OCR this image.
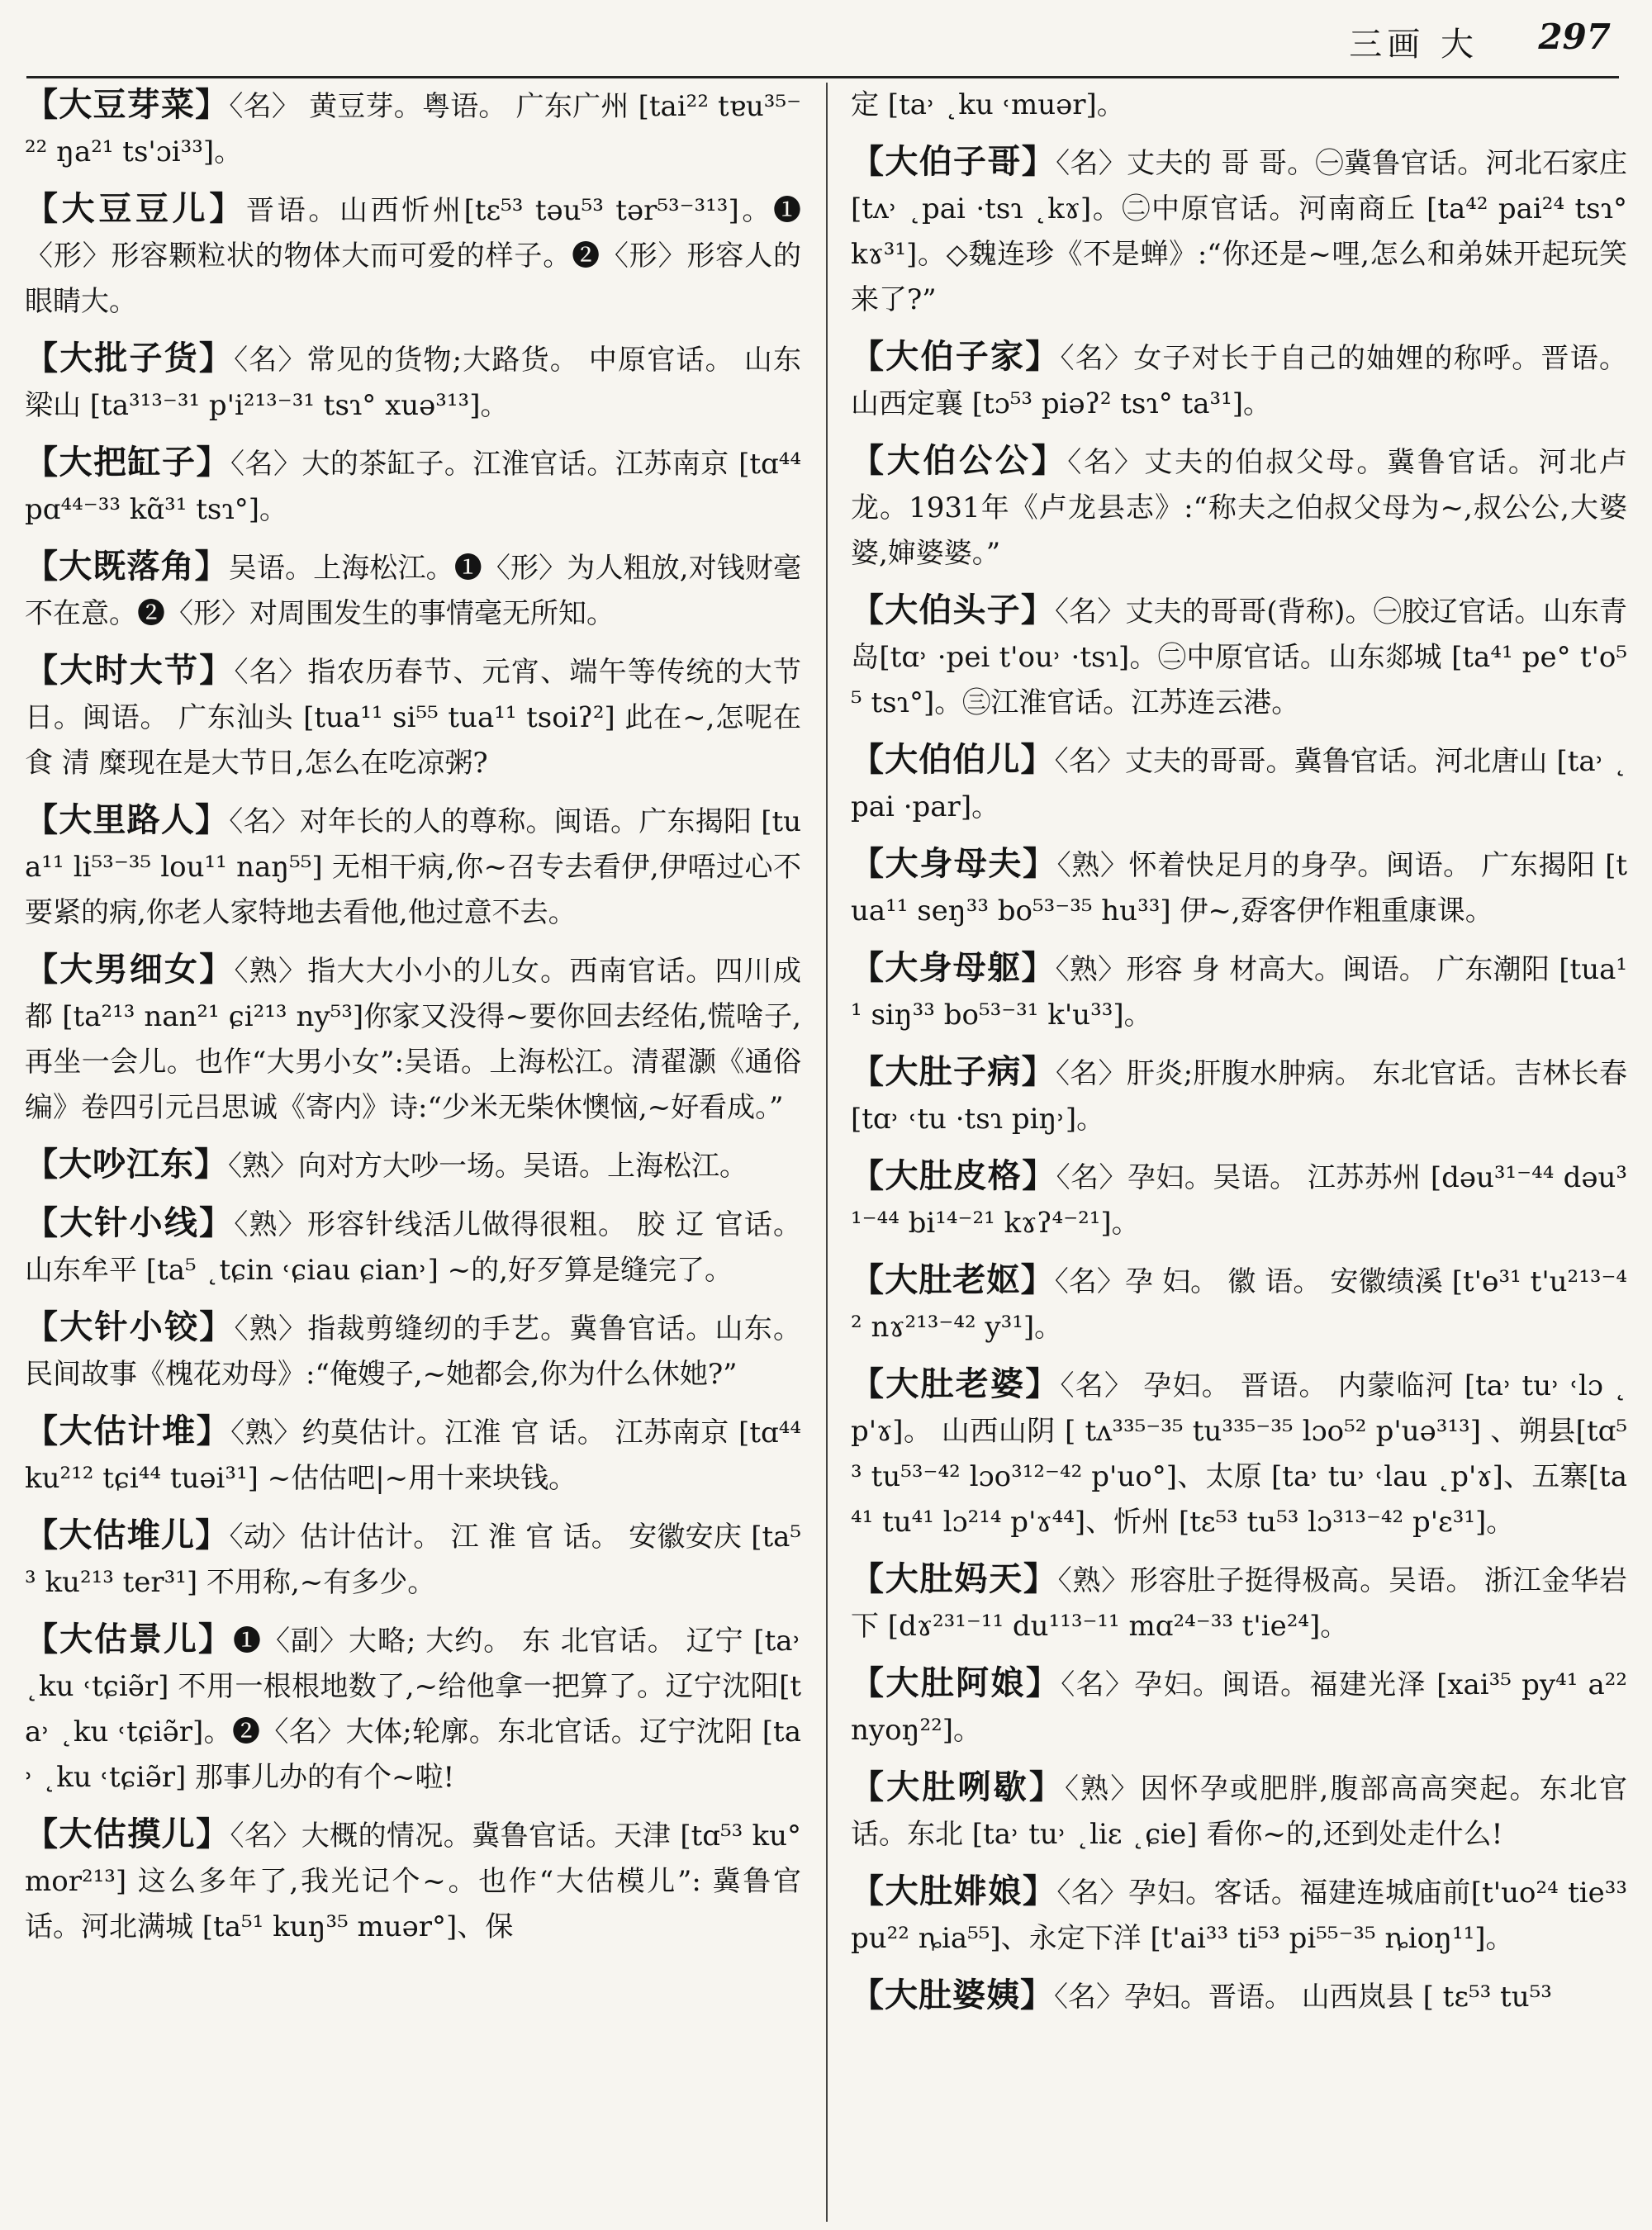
三画 大 297

【大豆芽菜】〈名〉 黄豆芽。粤语。 广东广州 [tai²² tɐu³⁵⁻²² ŋa²¹ ts'ɔi³³]。

【大豆豆儿】晋语。山西忻州[tɛ⁵³ təu⁵³ tər⁵³⁻³¹³]。❶〈形〉形容颗粒状的物体大而可爱的样子。❷〈形〉形容人的眼睛大。

【大批子货】〈名〉常见的货物;大路货。 中原官话。 山东梁山 [ta³¹³⁻³¹ p'i²¹³⁻³¹ tsɿ° xuə³¹³]。

【大把缸子】〈名〉大的茶缸子。江淮官话。江苏南京 [tɑ⁴⁴ pɑ⁴⁴⁻³³ kɑ̃³¹ tsɿ°]。

【大既落角】吴语。上海松江。❶〈形〉为人粗放,对钱财毫不在意。❷〈形〉对周围发生的事情毫无所知。

【大时大节】〈名〉指农历春节、元宵、端午等传统的大节日。闽语。 广东汕头 [tua¹¹ si⁵⁵ tua¹¹ tsoiʔ²] 此在~,怎呢在 食 清 糜现在是大节日,怎么在吃凉粥?

【大里路人】〈名〉对年长的人的尊称。闽语。广东揭阳 [tua¹¹ li⁵³⁻³⁵ lou¹¹ naŋ⁵⁵] 无相干病,你~召专去看伊,伊唔过心不要紧的病,你老人家特地去看他,他过意不去。

【大男细女】〈熟〉指大大小小的儿女。西南官话。四川成都 [ta²¹³ nan²¹ ɕi²¹³ ny⁵³]你家又没得~要你回去经佑,慌啥子,再坐一会儿。也作“大男小女”:吴语。上海松江。清翟灏《通俗编》卷四引元吕思诚《寄内》诗:“少米无柴休懊恼,~好看成。”

【大吵江东】〈熟〉向对方大吵一场。吴语。上海松江。

【大针小线】〈熟〉形容针线活儿做得很粗。 胶 辽 官话。山东牟平 [ta⁵ ˛tɕin ˓ɕiau ɕian˒] ~的,好歹算是缝完了。

【大针小铰】〈熟〉指裁剪缝纫的手艺。冀鲁官话。山东。民间故事《槐花劝母》:“俺嫂子,~她都会,你为什么休她?”

【大估计堆】〈熟〉约莫估计。江淮 官 话。 江苏南京 [tɑ⁴⁴ ku²¹² tɕi⁴⁴ tuəi³¹] ~估估吧|~用十来块钱。

【大估堆儿】〈动〉估计估计。 江 淮 官 话。 安徽安庆 [ta⁵³ ku²¹³ ter³¹] 不用称,~有多少。

【大估景儿】❶〈副〉大略; 大约。 东 北官话。 辽宁 [ta˒ ˛ku ˓tɕiə̃r] 不用一根根地数了,~给他拿一把算了。辽宁沈阳[ta˒ ˛ku ˓tɕiə̃r]。❷〈名〉大体;轮廓。东北官话。辽宁沈阳 [ta˒ ˛ku ˓tɕiə̃r] 那事儿办的有个~啦!

【大估摸儿】〈名〉大概的情况。冀鲁官话。天津 [tɑ⁵³ ku° mor²¹³] 这么多年了,我光记个~。也作“大估模儿”: 冀鲁官话。河北满城 [ta⁵¹ kuŋ³⁵ muər°]、保

定 [ta˒ ˛ku ˓muər]。

【大伯子哥】〈名〉丈夫的 哥 哥。㊀冀鲁官话。河北石家庄 [tʌ˒ ˛pai ·tsɿ ˛kɤ]。㊁中原官话。河南商丘 [ta⁴² pai²⁴ tsɿ° kɤ³¹]。◇魏连珍《不是蝉》:“你还是~哩,怎么和弟妹开起玩笑来了?”

【大伯子家】〈名〉女子对长于自己的妯娌的称呼。晋语。山西定襄 [tɔ⁵³ piəʔ² tsɿ° ta³¹]。

【大伯公公】〈名〉丈夫的伯叔父母。冀鲁官话。河北卢龙。1931年《卢龙县志》:“称夫之伯叔父母为~,叔公公,大婆婆,婶婆婆。”

【大伯头子】〈名〉丈夫的哥哥(背称)。㊀胶辽官话。山东青岛[tɑ˒ ·pei t'ou˒ ·tsɿ]。㊁中原官话。山东郯城 [ta⁴¹ pe° t'o⁵⁵ tsɿ°]。㊂江淮官话。江苏连云港。

【大伯伯儿】〈名〉丈夫的哥哥。冀鲁官话。河北唐山 [ta˒ ˛pai ·par]。

【大身母夫】〈熟〉怀着快足月的身孕。闽语。 广东揭阳 [tua¹¹ seŋ³³ bo⁵³⁻³⁵ hu³³] 伊~,孬客伊作粗重康课。

【大身母躯】〈熟〉形容 身 材高大。闽语。 广东潮阳 [tua¹¹ siŋ³³ bo⁵³⁻³¹ k'u³³]。

【大肚子病】〈名〉肝炎;肝腹水肿病。 东北官话。吉林长春[tɑ˒ ˓tu ·tsɿ piŋ˒]。

【大肚皮格】〈名〉孕妇。吴语。 江苏苏州 [dəu³¹⁻⁴⁴ dəu³¹⁻⁴⁴ bi¹⁴⁻²¹ kɤʔ⁴⁻²¹]。

【大肚老妪】〈名〉孕 妇。 徽 语。 安徽绩溪 [t'ɵ³¹ t'u²¹³⁻⁴² nɤ²¹³⁻⁴² y³¹]。

【大肚老婆】〈名〉 孕妇。 晋语。 内蒙临河 [ta˒ tu˒ ˓lɔ ˛p'ɤ]。 山西山阴 [ tʌ³³⁵⁻³⁵ tu³³⁵⁻³⁵ lɔo⁵² p'uə³¹³] 、朔县[tɑ⁵³ tu⁵³⁻⁴² lɔo³¹²⁻⁴² p'uo°]、太原 [ta˒ tu˒ ˓lau ˛p'ɤ]、五寨[ta⁴¹ tu⁴¹ lɔ²¹⁴ p'ɤ⁴⁴]、忻州 [tɛ⁵³ tu⁵³ lɔ³¹³⁻⁴² p'ɛ³¹]。

【大肚妈天】〈熟〉形容肚子挺得极高。吴语。 浙江金华岩下 [dɤ²³¹⁻¹¹ du¹¹³⁻¹¹ mɑ²⁴⁻³³ t'ie²⁴]。

【大肚阿娘】〈名〉孕妇。闽语。福建光泽 [xai³⁵ py⁴¹ a²² nyoŋ²²]。

【大肚咧歇】〈熟〉因怀孕或肥胖,腹部高高突起。东北官话。东北 [ta˒ tu˒ ˛liɛ ˛ɕie] 看你~的,还到处走什么!

【大肚婔娘】〈名〉孕妇。客话。福建连城庙前[t'uo²⁴ tie³³ pu²² ȵia⁵⁵]、永定下洋 [t'ai³³ ti⁵³ pi⁵⁵⁻³⁵ ȵioŋ¹¹]。

【大肚婆姨】〈名〉孕妇。晋语。 山西岚县 [ tɛ⁵³ tu⁵³
